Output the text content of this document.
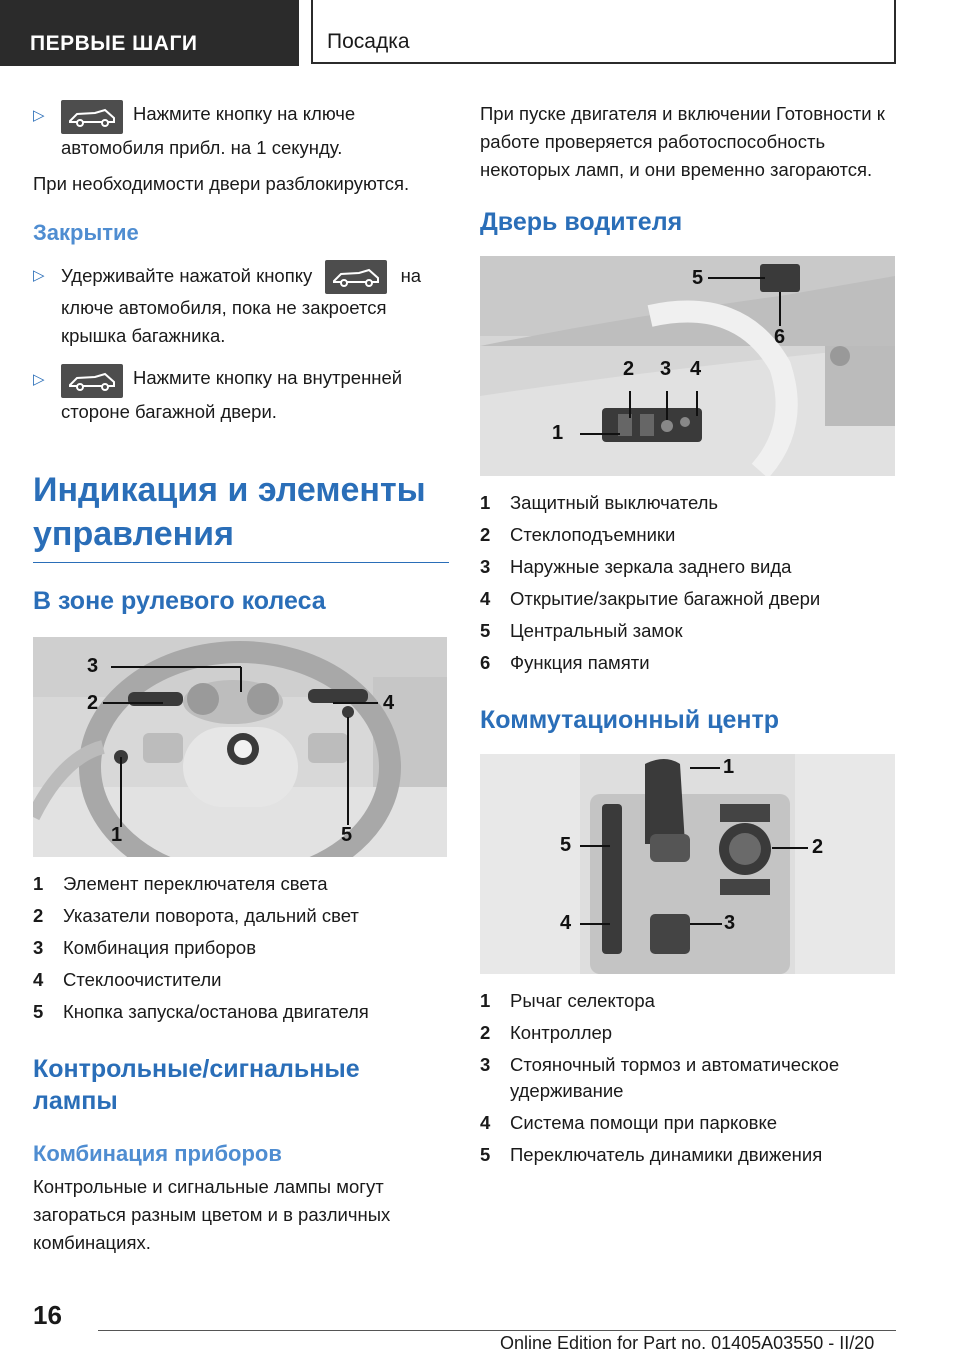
ПЕРВЫЕ ШАГИ	Посадка
▷	Нажмите кнопку на ключе автомобиля прибл. на 1 секунду.

При необходимости двери разблокируются.

Закрытие
▷ Удерживайте нажатой кнопку	на ключе автомобиля, пока не закроется крышка багажника.
▷	Нажмите кнопку на внутренней стороне багажной двери.
Индикация и элементы управления
В зоне рулевого колеса
1
2
3
4
5
1 Элемент переключателя света
2 Указатели поворота, дальний свет
3 Комбинация приборов
4 Стеклоочистители
5 Кнопка запуска/останова двигателя
Контрольные/сигнальные лампы
Комбинация приборов

Контрольные и сигнальные лампы могут загораться разным цветом и в различных комбинациях.

При пуске двигателя и включении Готовности к работе проверяется работоспособность некоторых ламп, и они временно загораются.

Дверь водителя
1
2 3 4
5
6
1 Защитный выключатель
2 Стеклоподъемники
3 Наружные зеркала заднего вида
4 Открытие/закрытие багажной двери
5 Центральный замок
6 Функция памяти
Коммутационный центр
1
2
3
4
5
1 Рычаг селектора
2 Контроллер
3 Стояночный тормоз и автоматическое удерживание
4 Система помощи при парковке
5 Переключатель динамики движения
16
Online Edition for Part no. 01405A03550 - II/20
